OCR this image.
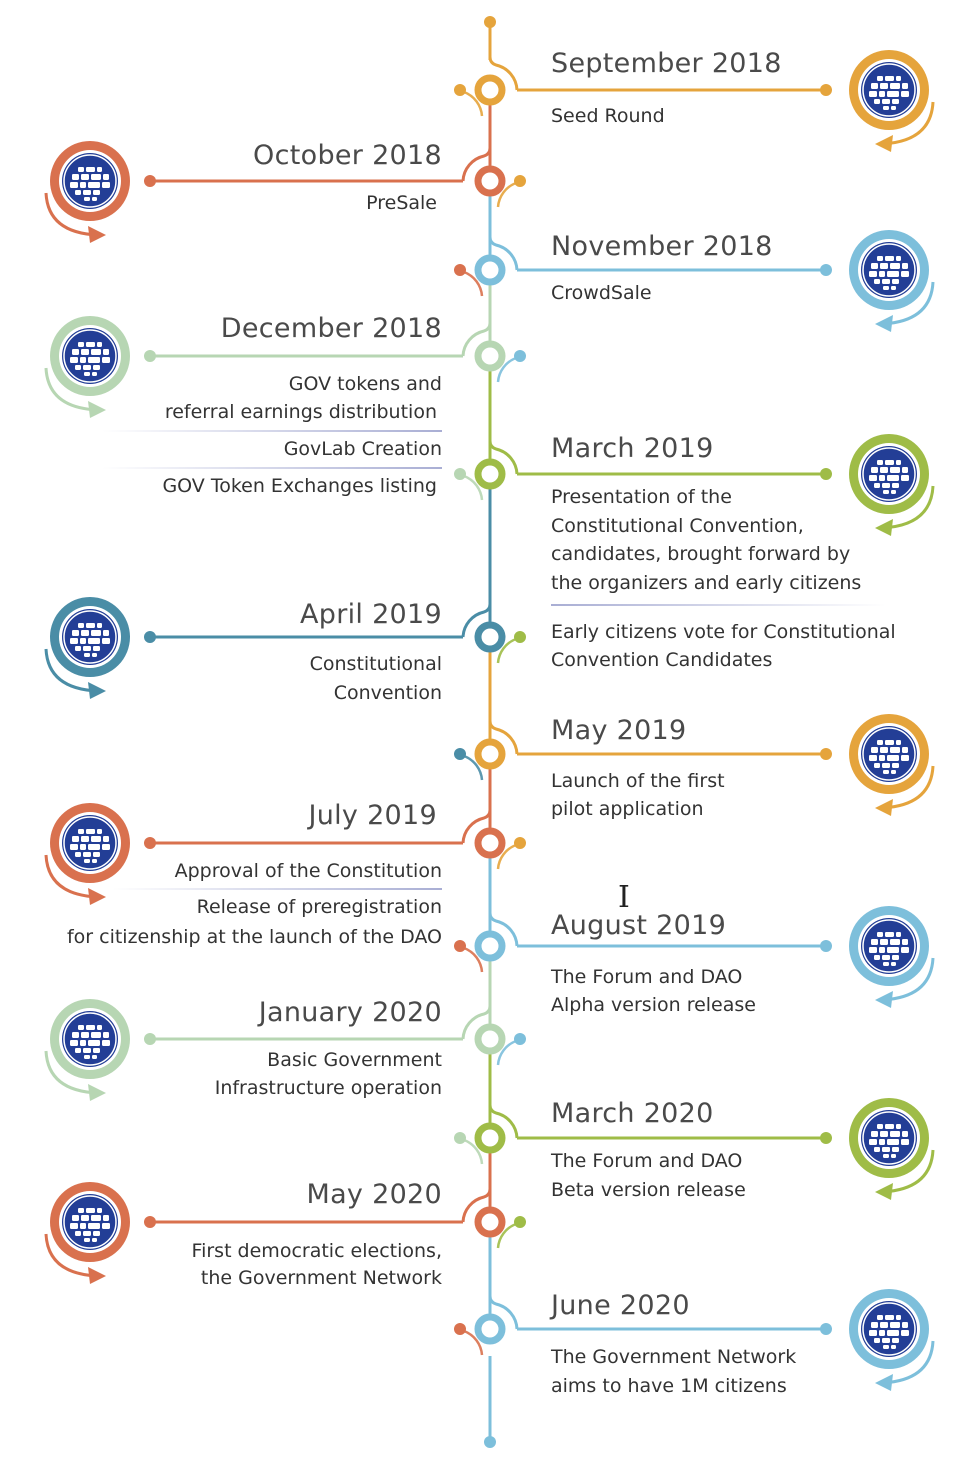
September 2018
Seed Round
October 2018
PreSale
November 2018
CrowdSale
December 2018
GOV tokens and
referral earnings distribution
GovLab Creation
GOV Token Exchanges listing
March 2019
Presentation of the
Constitutional Convention,
candidates, brought forward by
the organizers and early citizens
Early citizens vote for Constitutional
Convention Candidates
April 2019
Constitutional
Convention
May 2019
Launch of the first
pilot application
July 2019
Approval of the Constitution
Release of preregistration
for citizenship at the launch of the DAO	August 2019
The Forum and DAO
Alpha version release
January 2020
Basic Government
Infrastructure operation
March 2020
The Forum and DAO
Beta version release
May 2020
First democratic elections,
the Government Network
June 2020
The Government Network
aims to have 1M citizens
I
